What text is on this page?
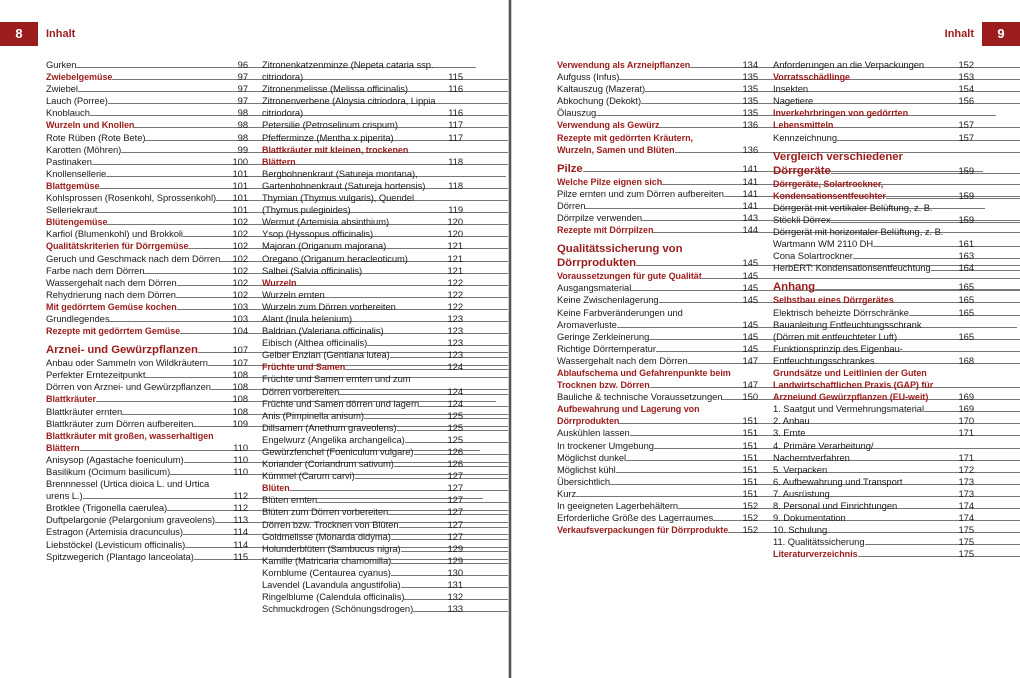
8	Inhalt
Gurken	96
Zwiebelgemüse	97
Zwiebel	97
Lauch (Porree)	97
Knoblauch	98
Wurzeln und Knollen	98
Rote Rüben (Rote Bete)	98
Karotten (Möhren)	99
Pastinaken	100
Knollensellerie	101
Blattgemüse	101
Kohlsprossen (Rosenkohl, Sprossenkohl)	101
Selleriekraut	101
Blütengemüse	102
Karfiol (Blumenkohl) und Brokkoli	102
Qualitätskriterien für Dörrgemüse	102
Geruch und Geschmack nach dem Dörren 102
Farbe nach dem Dörren	102
Wassergehalt nach dem Dörren	102
Rehydrierung nach dem Dörren	102
Mit gedörrtem Gemüse kochen	103
Grundlegendes	103
Rezepte mit gedörrtem Gemüse	104
Arznei- und Gewürzpflanzen	107
Anbau oder Sammeln von Wildkräutern	107
Perfekter Erntezeitpunkt	108
Dörren von Arznei- und Gewürzpflanzen	108
Blattkräuter	108
Blattkräuter ernten	108
Blattkräuter zum Dörren aufbereiten	109
Blattkräuter mit großen, wasserhaltigen Blättern	110
Anisysop (Agastache foeniculum)	110
Basilikum (Ocimum basilicum)	110
Brennnessel (Urtica dioica L. und Urtica urens L.)	112
Brotklee (Trigonella caerulea)	112
Duftpelargonie (Pelargonium graveolens)	113
Estragon (Artemisia dracunculus)	114
Liebstöckel (Levisticum officinalis)	114
Spitzwegerich (Plantago lanceolata)	115
Zitronenkatzenminze (Nepeta cataria ssp. citriodora)	115
Zitronenmelisse (Melissa officinalis)	116
Zitronenverbene (Aloysia citriodora, Lippia citriodora)	116
Petersilie (Petroselinum crispum)	117
Pfefferminze (Mentha x piperita)	117
Blattkräuter mit kleinen, trockenen Blättern	118
Bergbohnenkraut (Satureja montana),
Gartenbohnenkraut (Satureja hortensis)	118
Thymian (Thymus vulgaris), Quendel (Thymus pulegioides)	119
Wermut (Artemisia absinthium)	120
Ysop (Hyssopus officinalis)	120
Majoran (Origanum majorana)	121
Oregano (Origanum heracleoticum)	121
Salbei (Salvia officinalis)	121
Wurzeln	122
Wurzeln ernten	122
Wurzeln zum Dörren vorbereiten	122
Alant (Inula helenium)	123
Baldrian (Valeriana officinalis)	123
Eibisch (Althea officinalis)	123
Gelber Enzian (Gentiana lutea)	123
Früchte und Samen	124
Früchte und Samen ernten und zum Dörren vorbereiten	124
Früchte und Samen dörren und lagern	124
Anis (Pimpinella anisum)	125
Dillsamen (Anethum graveolens)	125
Engelwurz (Angelika archangelica)	125
Gewürzfenchel (Foeniculum vulgare)	126
Koriander (Coriandrum sativum)	126
Kümmel (Carum carvi)	127
Blüten	127
Blüten ernten	127
Blüten zum Dörren vorbereiten	127
Dörren bzw. Trocknen von Blüten	127
Goldmelisse (Monarda didyma)	127
Holunderblüten (Sambucus nigra)	129
Kamille (Matricaria chamomilla)	129
Kornblume (Centaurea cyanus)	130
Lavendel (Lavandula angustifolia)	131
Ringelblume (Calendula officinalis)	132
Schmuckdrogen (Schönungsdrogen)	133
9
Inhalt
Verwendung als Arzneipflanzen	134
Aufguss (Infus)	135
Kaltauszug (Mazerat)	135
Abkochung (Dekokt)	135
Ölauszug	135
Verwendung als Gewürz	136
Rezepte mit gedörrten Kräutern, Wurzeln, Samen und Blüten	136
Pilze	141
Welche Pilze eignen sich	141
Pilze ernten und zum Dörren aufbereiten	141
Dörren	141
Dörrpilze verwenden	143
Rezepte mit Dörrpilzen	144
Qualitätssicherung von Dörrprodukten	145
Voraussetzungen für gute Qualität	145
Ausgangsmaterial	145
Keine Zwischenlagerung	145
Keine Farbveränderungen und Aromaverluste	145
Geringe Zerkleinerung	145
Richtige Dörrtemperatur	145
Wassergehalt nach dem Dörren	147
Ablaufschema und Gefahrenpunkte beim Trocknen bzw. Dörren	147
Bauliche & technische Voraussetzungen	150
Aufbewahrung und Lagerung von Dörrprodukten	151
Auskühlen lassen	151
In trockener Umgebung	151
Möglichst dunkel	151
Möglichst kühl	151
Übersichtlich	151
Kurz	151
In geeigneten Lagerbehältern	152
Erforderliche Größe des Lagerraumes	152
Verkaufsverpackungen für Dörrprodukte	152
Anforderungen an die Verpackungen	152
Vorratsschädlinge	153
Insekten	154
Nagetiere	156
Inverkehrbringen von gedörrten Lebensmitteln	157
Kennzeichnung	157
Vergleich verschiedener Dörrgeräte	159
Dörrgeräte, Solartrockner, Kondensationsentfeuchter	159
Dörrgerät mit vertikaler Belüftung, z. B. Stöckli Dörrex	159
Dörrgerät mit horizontaler Belüftung, z. B. Wartmann WM 2110 DH	161
Cona Solartrockner	163
HerbERT: Kondensationsentfeuchtung	164
Anhang	165
Selbstbau eines Dörrgerätes	165
Elektrisch beheizte Dörrschränke	165
Bauanleitung Entfeuchtungsschrank (Dörren mit entfeuchteter Luft)	165
Funktionsprinzip des Eigenbau-Entfeuchtungsschrankes	168
Grundsätze und Leitlinien der Guten Landwirtschaftlichen Praxis (GAP) für Arzneiund Gewürzpflanzen (EU-weit)	169
1. Saatgut und Vermehrungsmaterial	169
2. Anbau	170
3. Ernte	171
4. Primäre Verarbeitung/ Nacherntverfahren	171
5. Verpacken	172
6. Aufbewahrung und Transport	173
7. Ausrüstung	173
8. Personal und Einrichtungen	174
9. Dokumentation	174
10. Schulung	175
11. Qualitätssicherung	175
Literaturverzeichnis	175
